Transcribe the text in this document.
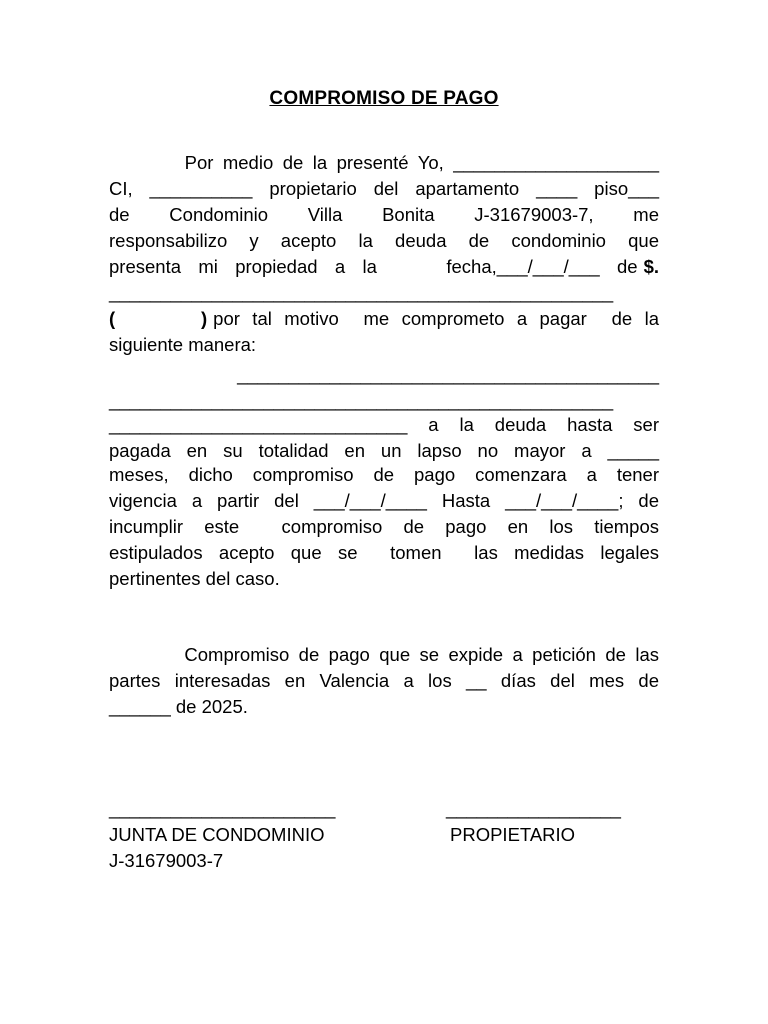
COMPROMISO DE PAGO
Por medio de la presenté Yo, ____________________
CI, __________ propietario del apartamento ____ piso___
de Condominio Villa Bonita J-31679003-7, me
responsabilizo y acepto la deuda de condominio que
presenta mi propiedad a la    fecha,___/___/___ de $.
_________________________________________________
(	) por tal motivo  me comprometo a pagar  de la
siguiente manera:
_________________________________________
_________________________________________________
_____________________________ a la deuda hasta ser
pagada en su totalidad en un lapso no mayor a _____
meses, dicho compromiso de pago comenzara a tener
vigencia a partir del ___/___/____ Hasta ___/___/____; de
incumplir este  compromiso de pago en los tiempos
estipulados acepto que se  tomen  las medidas legales
pertinentes del caso.
Compromiso de pago que se expide a petición de las
partes interesadas en Valencia a los __ días del mes de
______ de 2025.
______________________	_________________
JUNTA DE CONDOMINIO	PROPIETARIO
J-31679003-7
